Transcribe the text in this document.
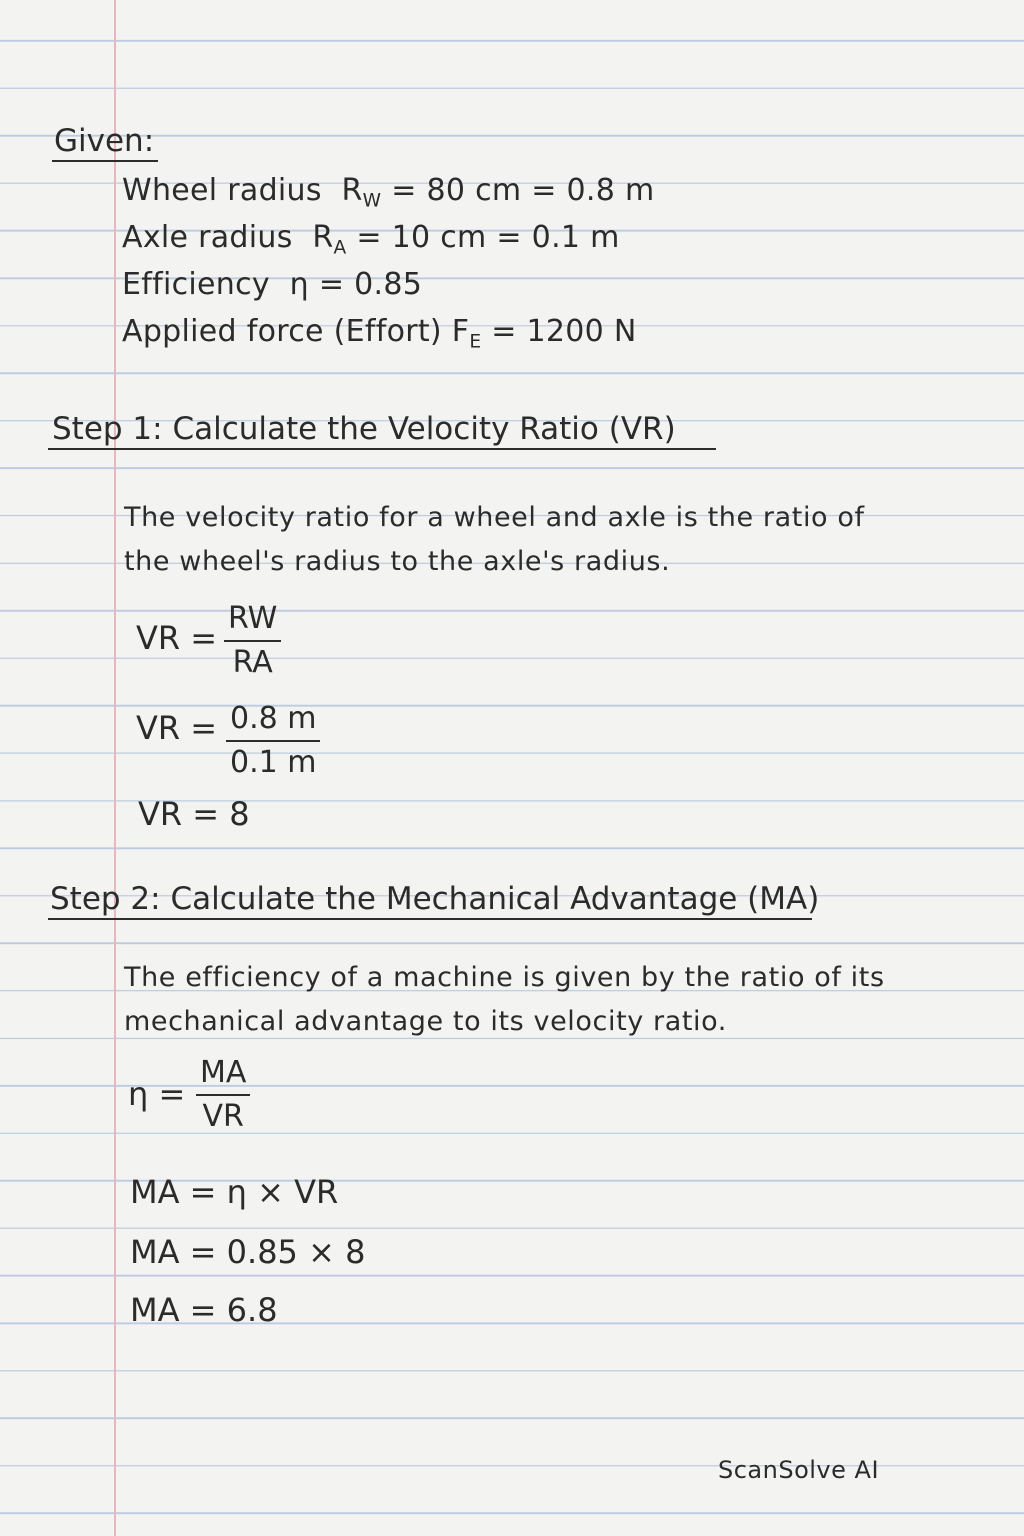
Given:
Wheel radius $R_W = 80$ cm = 0.8 m
Axle radius $R_A = 10$ cm = 0.1 m
Efficiency η = 0.85
Applied force (Effort) $F_E = 1200$ N
Step 1: Calculate the Velocity Ratio (VR)
The velocity ratio for a wheel and axle is the ratio of
the wheel's radius to the axle's radius.
VR = $\frac{RW}{RA}$
VR = $\frac{0.8 m}{0.1 m}$
VR = 8
Step 2: Calculate the Mechanical Advantage (MA)
The efficiency of a machine is given by the ratio of its
mechanical advantage to its velocity ratio.
$\eta = \frac{MA}{VR}$
MA = η × VR
MA = 0.85 × 8
MA = 6.8
ScanSolve AI
